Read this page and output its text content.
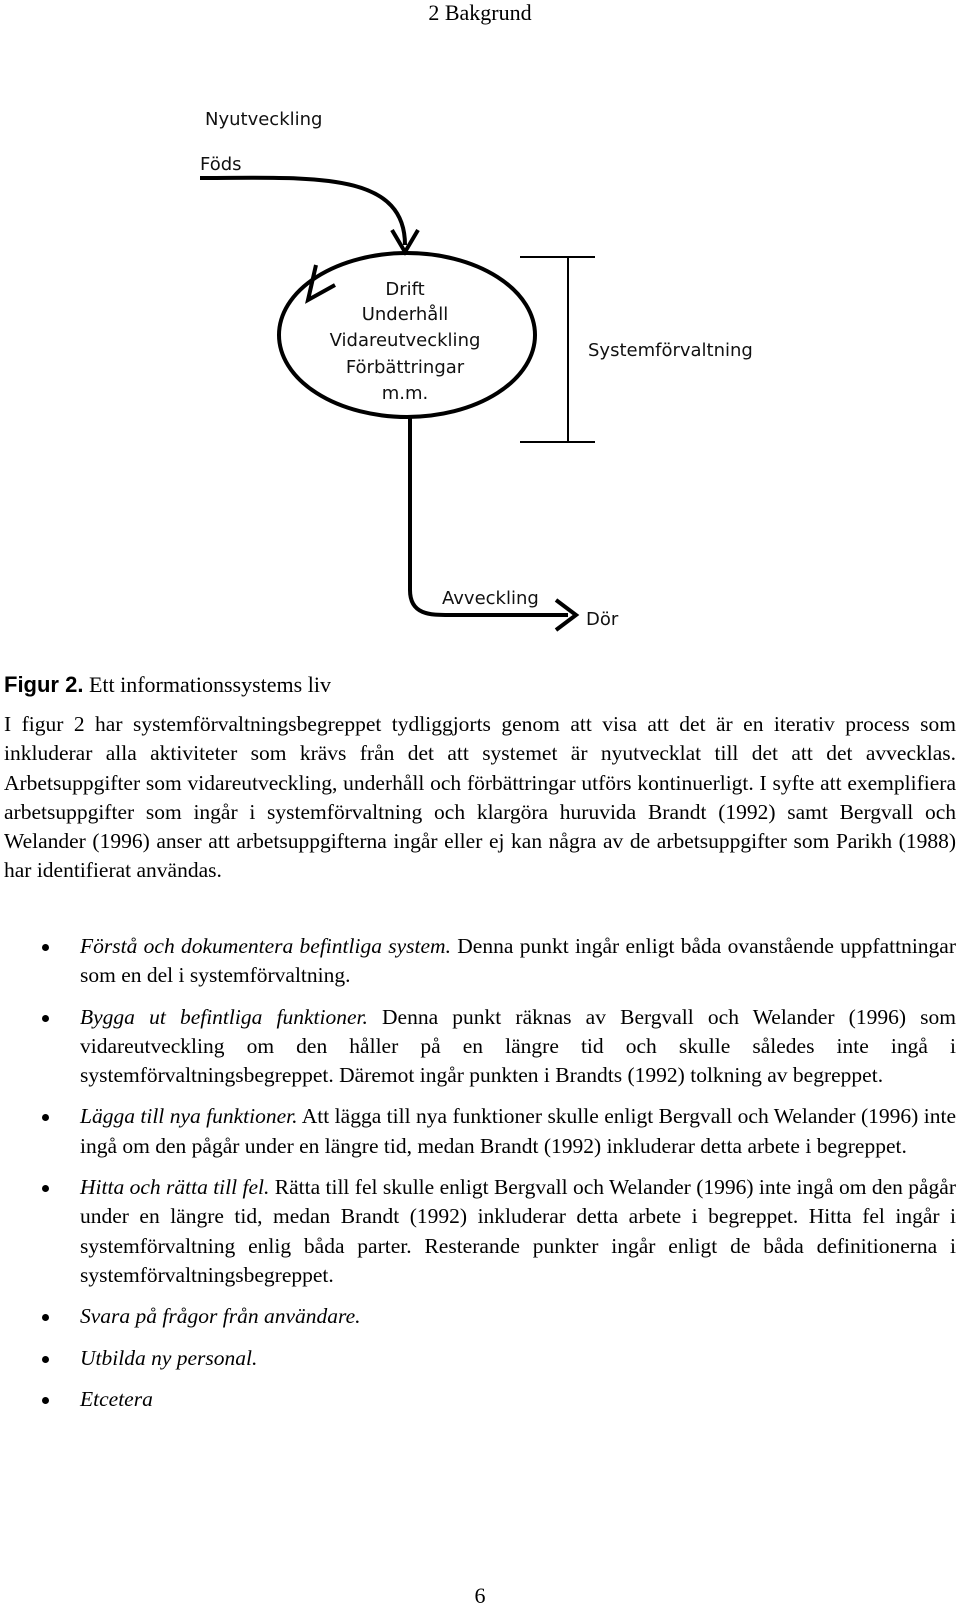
2 Bakgrund
Nyutveckling
Föds
Drift
Underhåll
Vidareutveckling
Förbättringar
m.m.
Systemförvaltning
Avveckling
Dör
Figur 2. Ett informationssystems liv

I figur 2 har systemförvaltningsbegreppet tydliggjorts genom att visa att det är en iterativ process som inkluderar alla aktiviteter som krävs från det att systemet är nyutvecklat till det att det avvecklas. Arbetsuppgifter som vidareutveckling, underhåll och förbättringar utförs kontinuerligt. I syfte att exemplifiera arbetsuppgifter som ingår i systemförvaltning och klargöra huruvida Brandt (1992) samt Bergvall och Welander (1996) anser att arbetsuppgifterna ingår eller ej kan några av de arbetsuppgifter som Parikh (1988) har identifierat användas.

Förstå och dokumentera befintliga system. Denna punkt ingår enligt båda ovanstående uppfattningar som en del i systemförvaltning.
Bygga ut befintliga funktioner. Denna punkt räknas av Bergvall och Welander (1996) som vidareutveckling om den håller på en längre tid och skulle således inte ingå i systemförvaltningsbegreppet. Däremot ingår punkten i Brandts (1992) tolkning av begreppet.
Lägga till nya funktioner. Att lägga till nya funktioner skulle enligt Bergvall och Welander (1996) inte ingå om den pågår under en längre tid, medan Brandt (1992) inkluderar detta arbete i begreppet.
Hitta och rätta till fel. Rätta till fel skulle enligt Bergvall och Welander (1996) inte ingå om den pågår under en längre tid, medan Brandt (1992) inkluderar detta arbete i begreppet. Hitta fel ingår i systemförvaltning enlig båda parter. Resterande punkter ingår enligt de båda definitionerna i systemförvaltningsbegreppet.
Svara på frågor från användare.
Utbilda ny personal.
Etcetera
6
